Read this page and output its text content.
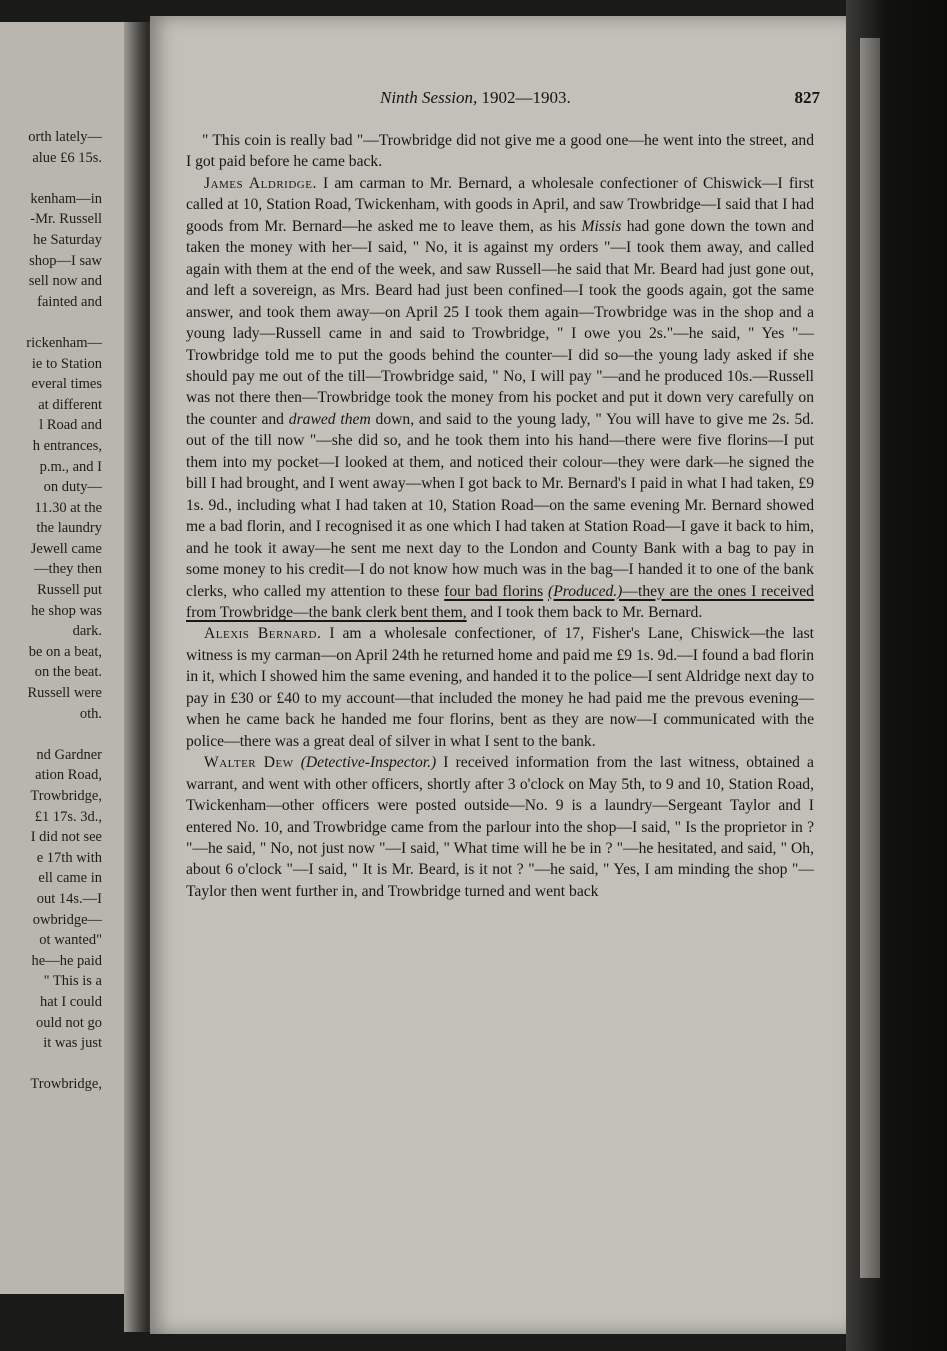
orth lately—
alue £6 15s.

kenham—in
-Mr. Russell
he Saturday
shop—I saw
sell now and
fainted and

rickenham—
ie to Station
everal times
at different
l Road and
h entrances,
p.m., and I
on duty—
11.30 at the
the laundry
Jewell came
—they then
Russell put
he shop was
dark.
be on a beat,
on the beat.
Russell were
oth.

nd Gardner
ation Road,
Trowbridge,
£1 17s. 3d.,
I did not see
e 17th with
ell came in
out 14s.—I
owbridge—
ot wanted"
he—he paid
" This is a
hat I could
ould not go
it was just

Trowbridge,
Ninth Session, 1902—1903.	827

" This coin is really bad "—Trowbridge did not give me a good one—he went into the street, and I got paid before he came back.

James Aldridge. I am carman to Mr. Bernard, a wholesale confectioner of Chiswick—I first called at 10, Station Road, Twickenham, with goods in April, and saw Trowbridge—I said that I had goods from Mr. Bernard—he asked me to leave them, as his Missis had gone down the town and taken the money with her—I said, " No, it is against my orders "—I took them away, and called again with them at the end of the week, and saw Russell—he said that Mr. Beard had just gone out, and left a sovereign, as Mrs. Beard had just been confined—I took the goods again, got the same answer, and took them away—on April 25 I took them again—Trowbridge was in the shop and a young lady—Russell came in and said to Trowbridge, " I owe you 2s."—he said, " Yes "—Trowbridge told me to put the goods behind the counter—I did so—the young lady asked if she should pay me out of the till—Trowbridge said, " No, I will pay "—and he produced 10s.—Russell was not there then—Trowbridge took the money from his pocket and put it down very carefully on the counter and drawed them down, and said to the young lady, " You will have to give me 2s. 5d. out of the till now "—she did so, and he took them into his hand—there were five florins—I put them into my pocket—I looked at them, and noticed their colour—they were dark—he signed the bill I had brought, and I went away—when I got back to Mr. Bernard's I paid in what I had taken, £9 1s. 9d., including what I had taken at 10, Station Road—on the same evening Mr. Bernard showed me a bad florin, and I recognised it as one which I had taken at Station Road—I gave it back to him, and he took it away—he sent me next day to the London and County Bank with a bag to pay in some money to his credit—I do not know how much was in the bag—I handed it to one of the bank clerks, who called my attention to these four bad florins (Produced.)—they are the ones I received from Trowbridge—the bank clerk bent them, and I took them back to Mr. Bernard.

Alexis Bernard. I am a wholesale confectioner, of 17, Fisher's Lane, Chiswick—the last witness is my carman—on April 24th he returned home and paid me £9 1s. 9d.—I found a bad florin in it, which I showed him the same evening, and handed it to the police—I sent Aldridge next day to pay in £30 or £40 to my account—that included the money he had paid me the prevous evening—when he came back he handed me four florins, bent as they are now—I communicated with the police—there was a great deal of silver in what I sent to the bank.

Walter Dew (Detective-Inspector.) I received information from the last witness, obtained a warrant, and went with other officers, shortly after 3 o'clock on May 5th, to 9 and 10, Station Road, Twickenham—other officers were posted outside—No. 9 is a laundry—Sergeant Taylor and I entered No. 10, and Trowbridge came from the parlour into the shop—I said, " Is the proprietor in ? "—he said, " No, not just now "—I said, " What time will he be in ? "—he hesitated, and said, " Oh, about 6 o'clock "—I said, " It is Mr. Beard, is it not ? "—he said, " Yes, I am minding the shop "—Taylor then went further in, and Trowbridge turned and went back
